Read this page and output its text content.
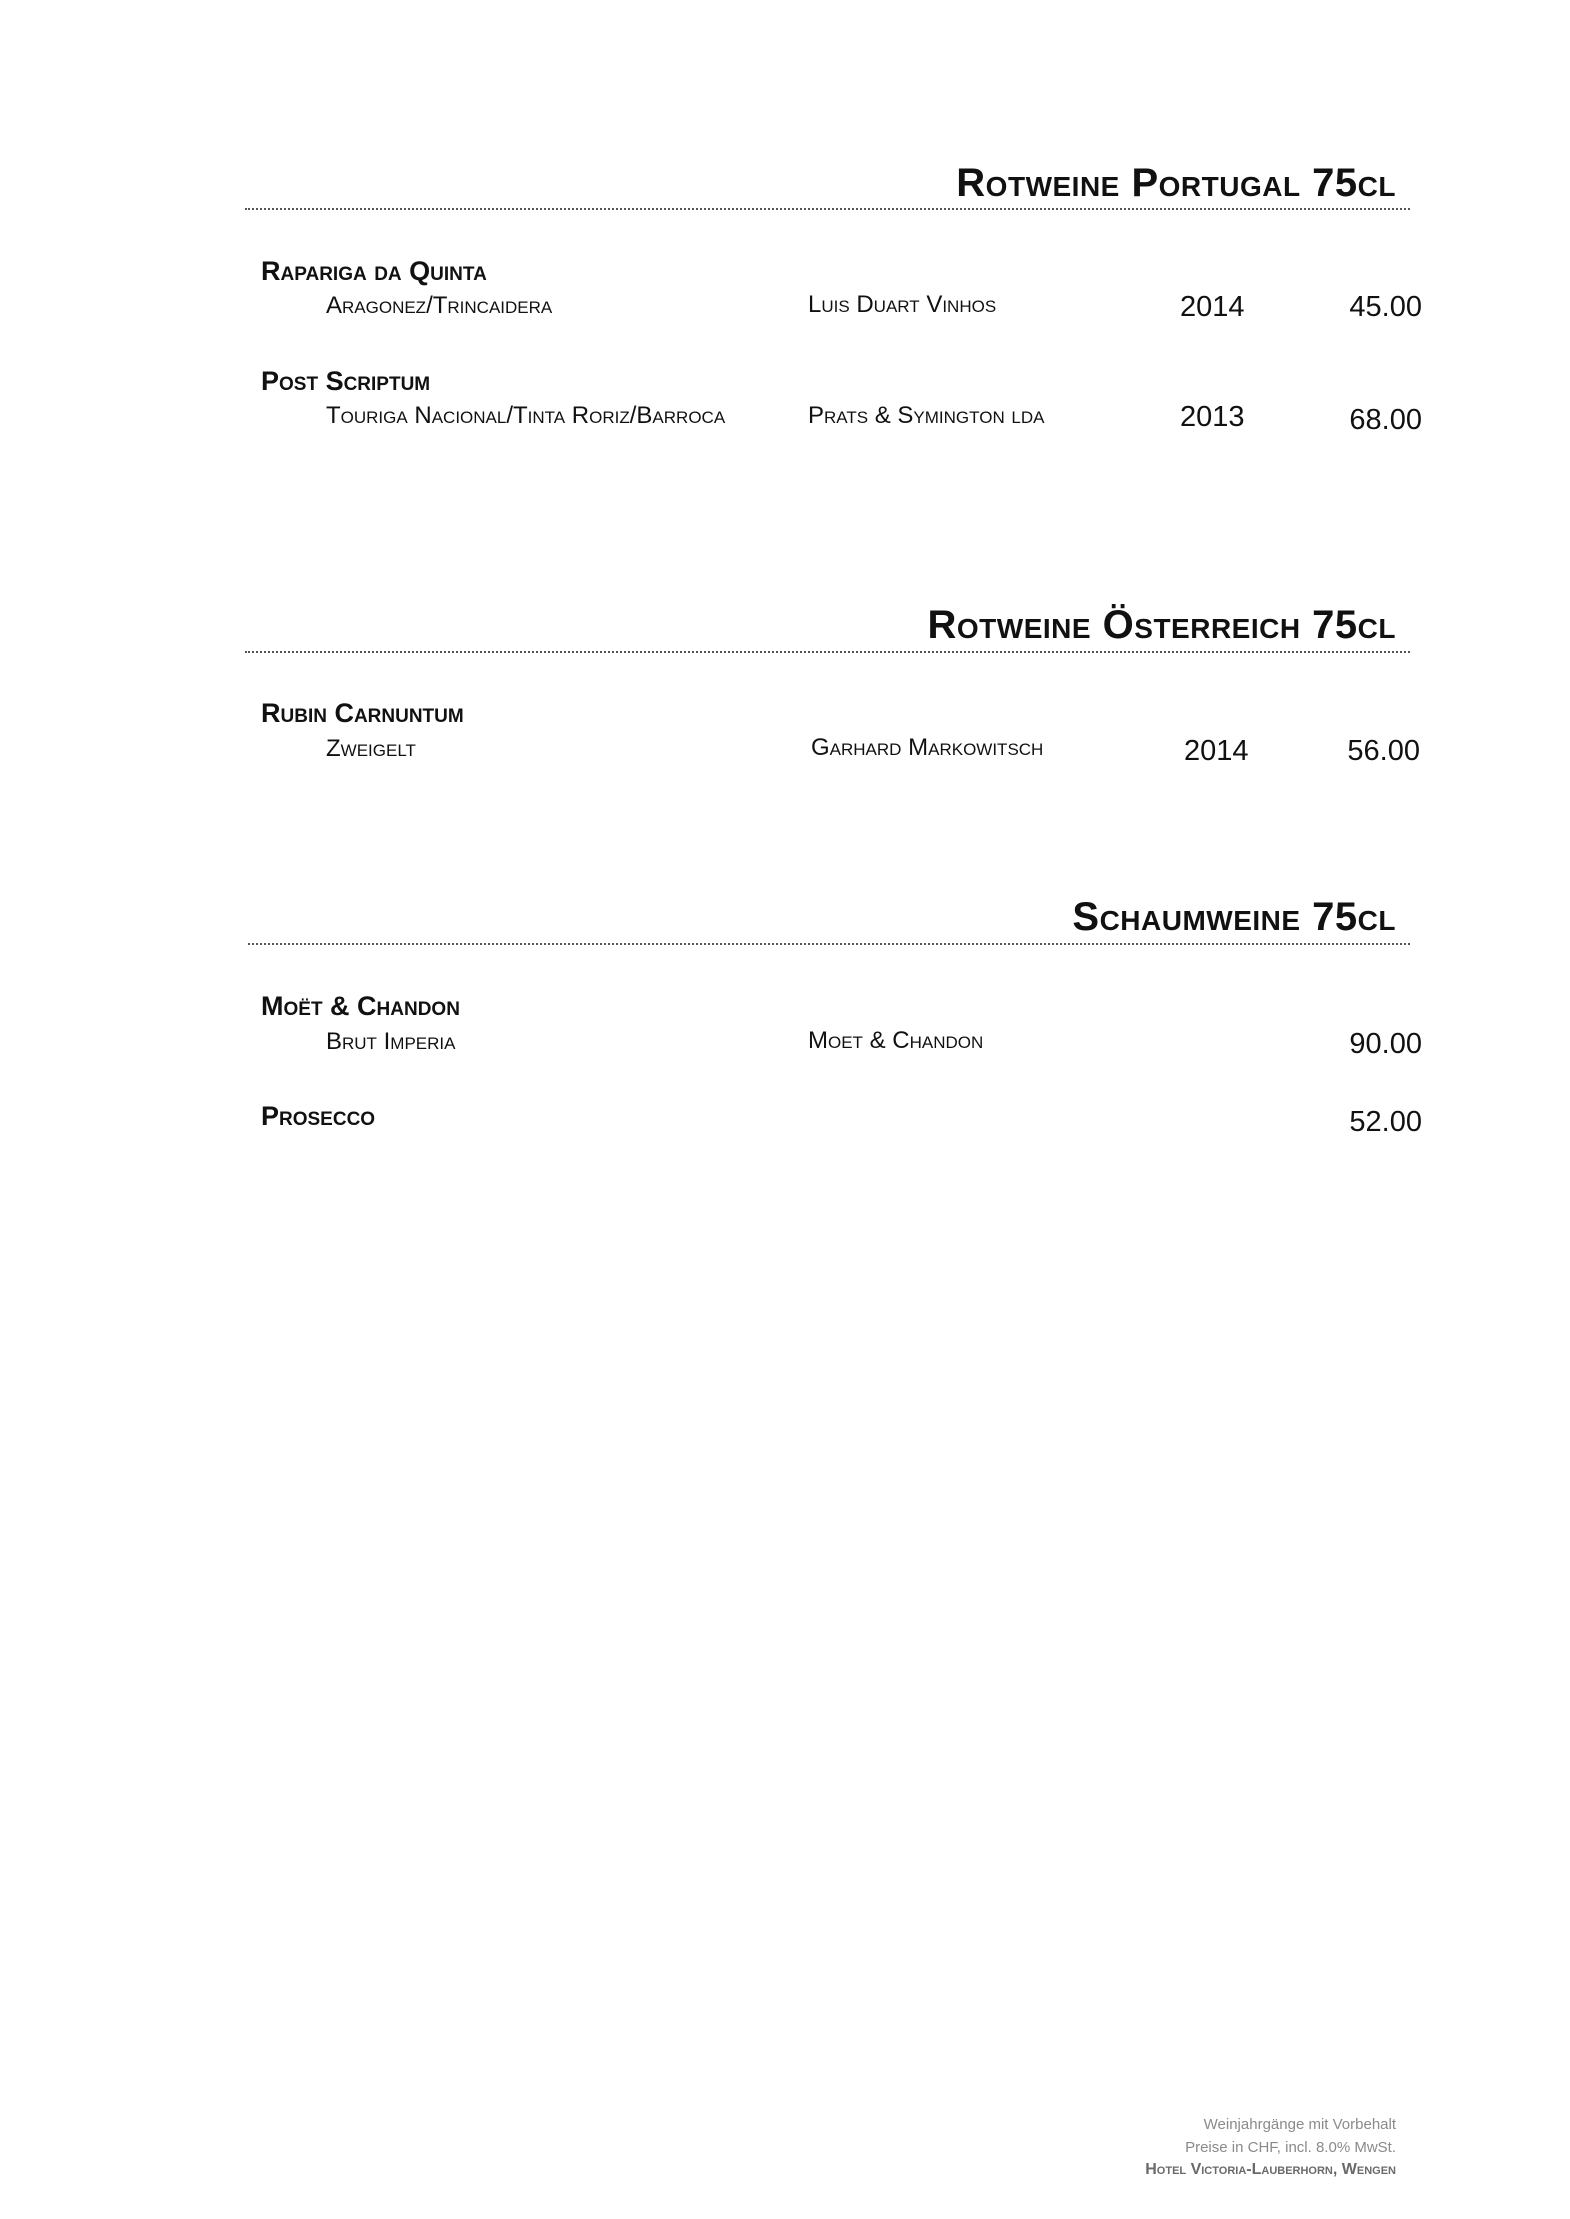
Rotweine Portugal 75cl
Rapariga da Quinta
Aragonez/Trincaidera	Luis Duart Vinhos	2014	45.00
Post Scriptum
Touriga Nacional/Tinta Roriz/Barroca	Prats & Symington lda	2013	68.00
Rotweine Österreich 75cl
Rubin Carnuntum
Zweigelt	Garhard Markowitsch	2014	56.00
Schaumweine 75cl
Moët & Chandon
Brut Imperia	Moet & Chandon	90.00
Prosecco	52.00
Weinjahrgänge mit Vorbehalt
Preise in CHF, incl. 8.0% MwSt.
Hotel Victoria-Lauberhorn, Wengen
